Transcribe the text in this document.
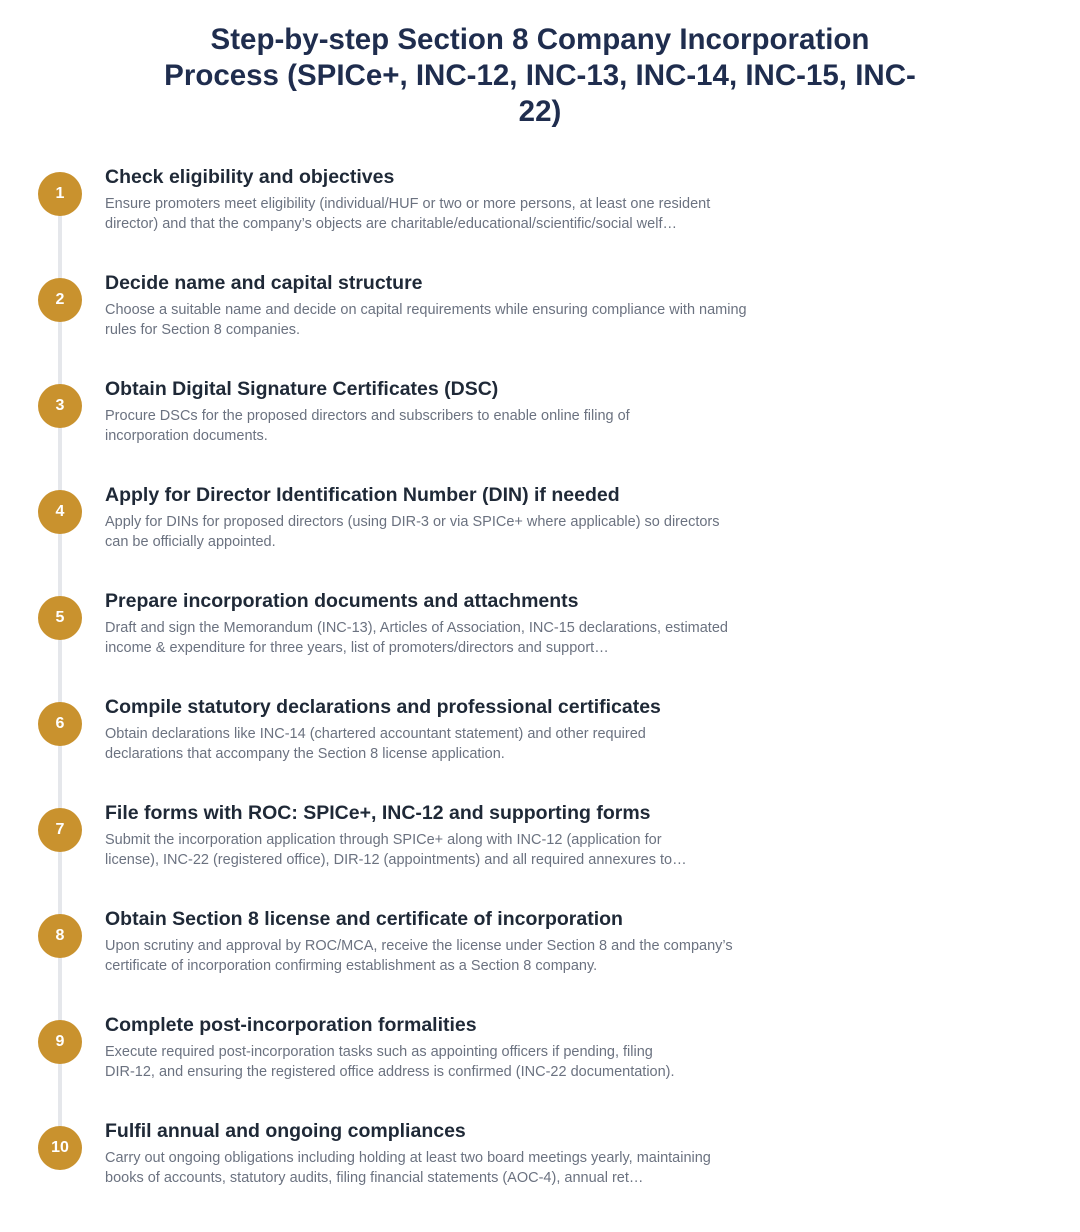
Step-by-step Section 8 Company Incorporation Process (SPICe+, INC-12, INC-13, INC-14, INC-15, INC-22)
1
Check eligibility and objectives

Ensure promoters meet eligibility (individual/HUF or two or more persons, at least one resident
director) and that the company’s objects are charitable/educational/scientific/social welf…

2
Decide name and capital structure

Choose a suitable name and decide on capital requirements while ensuring compliance with naming
rules for Section 8 companies.

3
Obtain Digital Signature Certificates (DSC)

Procure DSCs for the proposed directors and subscribers to enable online filing of
incorporation documents.

4
Apply for Director Identification Number (DIN) if needed

Apply for DINs for proposed directors (using DIR-3 or via SPICe+ where applicable) so directors
can be officially appointed.

5
Prepare incorporation documents and attachments

Draft and sign the Memorandum (INC-13), Articles of Association, INC-15 declarations, estimated
income & expenditure for three years, list of promoters/directors and support…

6
Compile statutory declarations and professional certificates

Obtain declarations like INC-14 (chartered accountant statement) and other required
declarations that accompany the Section 8 license application.

7
File forms with ROC: SPICe+, INC-12 and supporting forms

Submit the incorporation application through SPICe+ along with INC-12 (application for
license), INC-22 (registered office), DIR-12 (appointments) and all required annexures to…

8
Obtain Section 8 license and certificate of incorporation

Upon scrutiny and approval by ROC/MCA, receive the license under Section 8 and the company’s
certificate of incorporation confirming establishment as a Section 8 company.

9
Complete post-incorporation formalities

Execute required post-incorporation tasks such as appointing officers if pending, filing
DIR-12, and ensuring the registered office address is confirmed (INC-22 documentation).

10
Fulfil annual and ongoing compliances

Carry out ongoing obligations including holding at least two board meetings yearly, maintaining
books of accounts, statutory audits, filing financial statements (AOC-4), annual ret…
